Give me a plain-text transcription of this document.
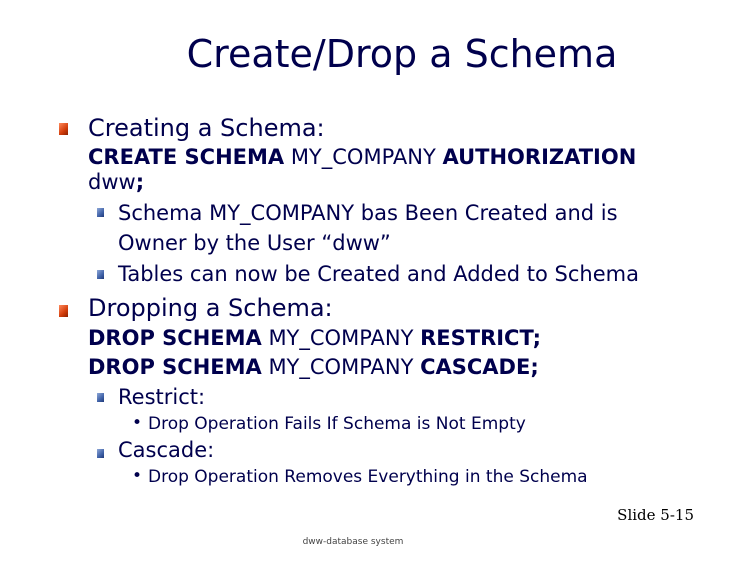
Create/Drop a Schema
Creating a Schema:
CREATE SCHEMA MY_COMPANY AUTHORIZATION
dww;
Schema MY_COMPANY bas Been Created and is
Owner by the User “dww”
Tables can now be Created and Added to Schema
Dropping a Schema:
DROP SCHEMA MY_COMPANY RESTRICT;
DROP SCHEMA MY_COMPANY CASCADE;
Restrict:
• Drop Operation Fails If Schema is Not Empty
Cascade:
• Drop Operation Removes Everything in the Schema
Slide 5-15
dww-database system
